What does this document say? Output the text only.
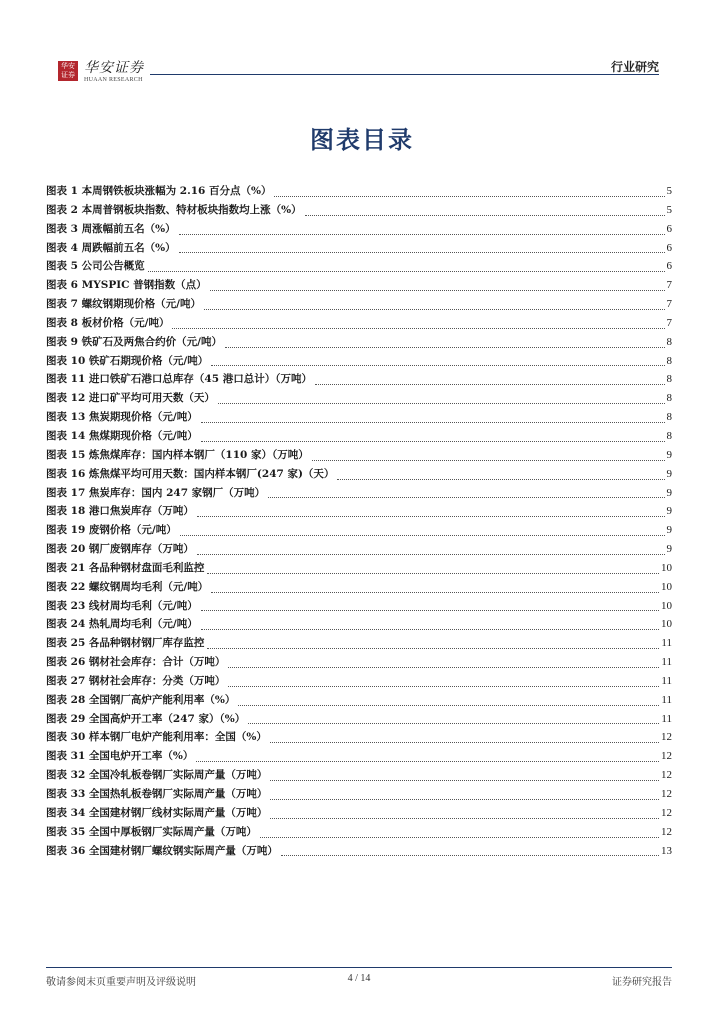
华安证券 华安证券
HUAAN RESEARCH
行业研究
图表目录
图表 1 本周钢铁板块涨幅为 2.16 百分点（%）	5
图表 2 本周普钢板块指数、特材板块指数均上涨（%）	5
图表 3 周涨幅前五名（%）	6
图表 4 周跌幅前五名（%）	6
图表 5 公司公告概览	6
图表 6 MYSPIC 普钢指数（点）	7
图表 7 螺纹钢期现价格（元/吨）	7
图表 8 板材价格（元/吨）	7
图表 9 铁矿石及两焦合约价（元/吨）	8
图表 10 铁矿石期现价格（元/吨）	8
图表 11 进口铁矿石港口总库存（45 港口总计）（万吨）	8
图表 12 进口矿平均可用天数（天）	8
图表 13 焦炭期现价格（元/吨）	8
图表 14 焦煤期现价格（元/吨）	8
图表 15 炼焦煤库存：国内样本钢厂（110 家）（万吨）	9
图表 16 炼焦煤平均可用天数：国内样本钢厂(247 家)（天）	9
图表 17 焦炭库存：国内 247 家钢厂（万吨）	9
图表 18 港口焦炭库存（万吨）	9
图表 19 废钢价格（元/吨）	9
图表 20 钢厂废钢库存（万吨）	9
图表 21 各品种钢材盘面毛利监控	10
图表 22 螺纹钢周均毛利（元/吨）	10
图表 23 线材周均毛利（元/吨）	10
图表 24 热轧周均毛利（元/吨）	10
图表 25 各品种钢材钢厂库存监控	11
图表 26 钢材社会库存：合计（万吨）	11
图表 27 钢材社会库存：分类（万吨）	11
图表 28 全国钢厂高炉产能利用率（%）	11
图表 29 全国高炉开工率（247 家）（%）	11
图表 30 样本钢厂电炉产能利用率：全国（%）	12
图表 31 全国电炉开工率（%）	12
图表 32 全国冷轧板卷钢厂实际周产量（万吨）	12
图表 33 全国热轧板卷钢厂实际周产量（万吨）	12
图表 34 全国建材钢厂线材实际周产量（万吨）	12
图表 35 全国中厚板钢厂实际周产量（万吨）	12
图表 36 全国建材钢厂螺纹钢实际周产量（万吨）	13
敬请参阅末页重要声明及评级说明	4 / 14	证券研究报告
